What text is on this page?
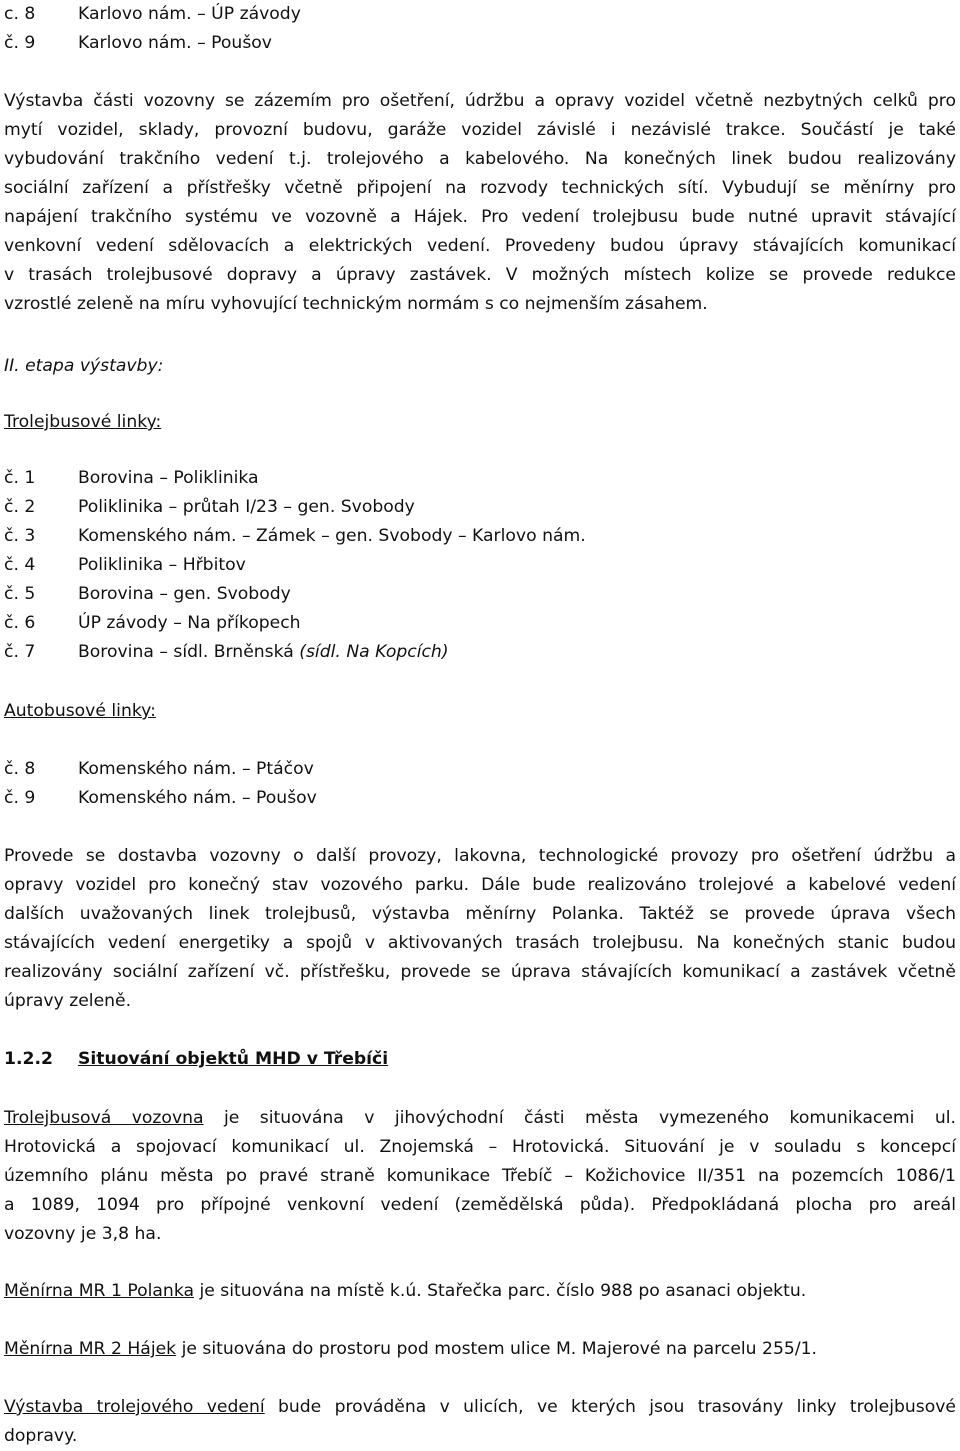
c. 8 Karlovo nám. – ÚP závody
č. 9 Karlovo nám. – Poušov
Výstavba části vozovny se zázemím pro ošetření, údržbu a opravy vozidel včetně nezbytných celků pro
mytí vozidel, sklady, provozní budovu, garáže vozidel závislé i nezávislé trakce. Součástí je také
vybudování trakčního vedení t.j. trolejového a kabelového. Na konečných linek budou realizovány
sociální zařízení a přístřešky včetně připojení na rozvody technických sítí. Vybudují se měnírny pro
napájení trakčního systému ve vozovně a Hájek. Pro vedení trolejbusu bude nutné upravit stávající
venkovní vedení sdělovacích a elektrických vedení. Provedeny budou úpravy stávajících komunikací
v trasách trolejbusové dopravy a úpravy zastávek. V možných místech kolize se provede redukce
vzrostlé zeleně na míru vyhovující technickým normám s co nejmenším zásahem.
II. etapa výstavby:
Trolejbusové linky:
č. 1 Borovina – Poliklinika
č. 2 Poliklinika – průtah I/23 – gen. Svobody
č. 3 Komenského nám. – Zámek – gen. Svobody – Karlovo nám.
č. 4 Poliklinika – Hřbitov
č. 5 Borovina – gen. Svobody
č. 6 ÚP závody – Na příkopech
č. 7 Borovina – sídl. Brněnská (sídl. Na Kopcích)
Autobusové linky:
č. 8 Komenského nám. – Ptáčov
č. 9 Komenského nám. – Poušov
Provede se dostavba vozovny o další provozy, lakovna, technologické provozy pro ošetření údržbu a
opravy vozidel pro konečný stav vozového parku. Dále bude realizováno trolejové a kabelové vedení
dalších uvažovaných linek trolejbusů, výstavba měnírny Polanka. Taktéž se provede úprava všech
stávajících vedení energetiky a spojů v aktivovaných trasách trolejbusu. Na konečných stanic budou
realizovány sociální zařízení vč. přístřešku, provede se úprava stávajících komunikací a zastávek včetně
úpravy zeleně.
1.2.2 Situování objektů MHD v Třebíči
Trolejbusová vozovna je situována v jihovýchodní části města vymezeného komunikacemi ul.
Hrotovická a spojovací komunikací ul. Znojemská – Hrotovická. Situování je v souladu s koncepcí
územního plánu města po pravé straně komunikace Třebíč – Kožichovice II/351 na pozemcích 1086/1
a 1089, 1094 pro přípojné venkovní vedení (zemědělská půda). Předpokládaná plocha pro areál
vozovny je 3,8 ha.
Měnírna MR 1 Polanka je situována na místě k.ú. Stařečka parc. číslo 988 po asanaci objektu.
Měnírna MR 2 Hájek je situována do prostoru pod mostem ulice M. Majerové na parcelu 255/1.
Výstavba trolejového vedení bude prováděna v ulicích, ve kterých jsou trasovány linky trolejbusové
dopravy.
